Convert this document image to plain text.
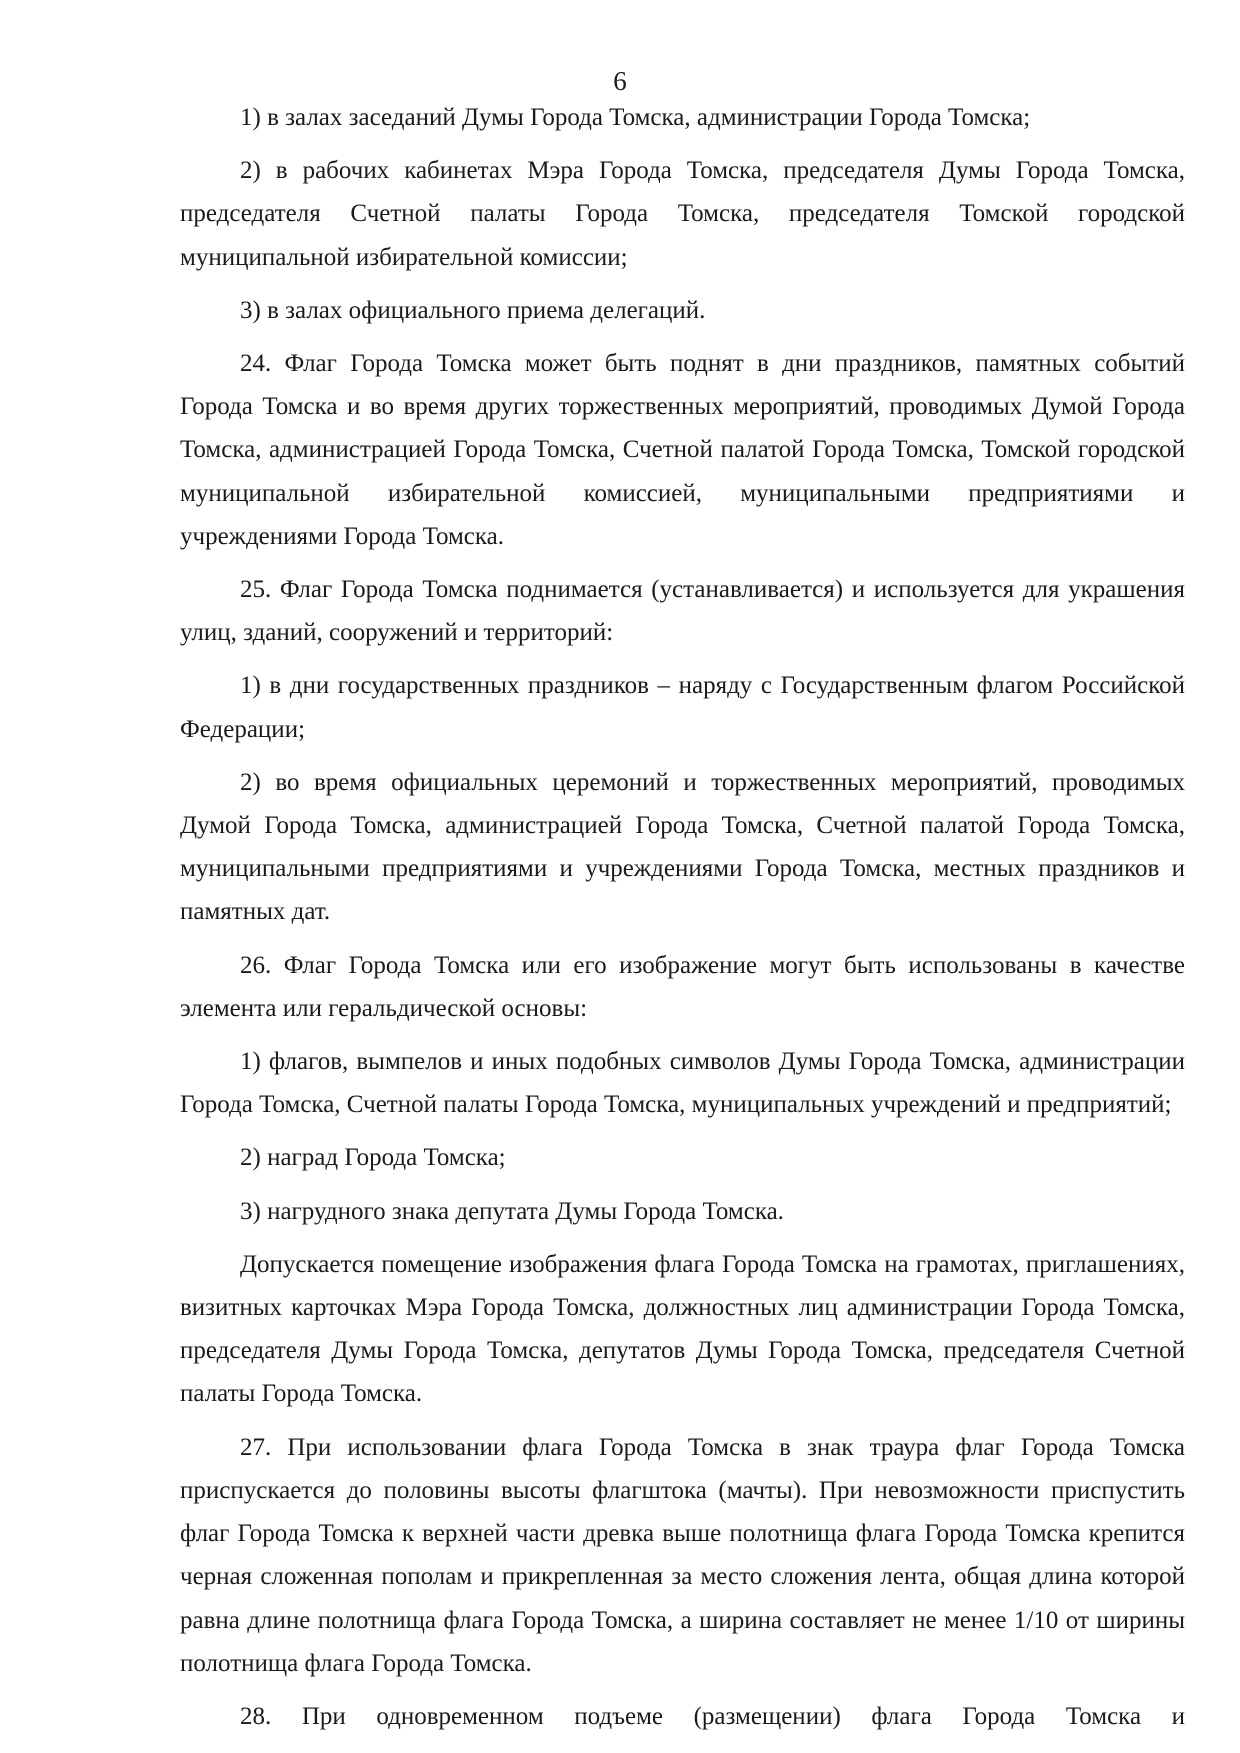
6

1) в залах заседаний Думы Города Томска, администрации Города Томска;

2) в рабочих кабинетах Мэра Города Томска, председателя Думы Города Томска, председателя Счетной палаты Города Томска, председателя Томской городской муниципальной избирательной комиссии;

3) в залах официального приема делегаций.

24. Флаг Города Томска может быть поднят в дни праздников, памятных событий Города Томска и во время других торжественных мероприятий, проводимых Думой Города Томска, администрацией Города Томска, Счетной палатой Города Томска, Томской городской муниципальной избирательной комиссией, муниципальными предприятиями и учреждениями Города Томска.

25. Флаг Города Томска поднимается (устанавливается) и используется для украшения улиц, зданий, сооружений и территорий:

1) в дни государственных праздников – наряду с Государственным флагом Российской Федерации;

2) во время официальных церемоний и торжественных мероприятий, проводимых Думой Города Томска, администрацией Города Томска, Счетной палатой Города Томска, муниципальными предприятиями и учреждениями Города Томска, местных праздников и памятных дат.

26. Флаг Города Томска или его изображение могут быть использованы в качестве элемента или геральдической основы:

1) флагов, вымпелов и иных подобных символов Думы Города Томска, администрации Города Томска, Счетной палаты Города Томска, муниципальных учреждений и предприятий;

2) наград Города Томска;

3) нагрудного знака депутата Думы Города Томска.

Допускается помещение изображения флага Города Томска на грамотах, приглашениях, визитных карточках Мэра Города Томска, должностных лиц администрации Города Томска, председателя Думы Города Томска, депутатов Думы Города Томска, председателя Счетной палаты Города Томска.

27. При использовании флага Города Томска в знак траура флаг Города Томска приспускается до половины высоты флагштока (мачты). При невозможности приспустить флаг Города Томска к верхней части древка выше полотнища флага Города Томска крепится черная сложенная пополам и прикрепленная за место сложения лента, общая длина которой равна длине полотнища флага Города Томска, а ширина составляет не менее 1/10 от ширины полотнища флага Города Томска.

28. При одновременном подъеме (размещении) флага Города Томска и
